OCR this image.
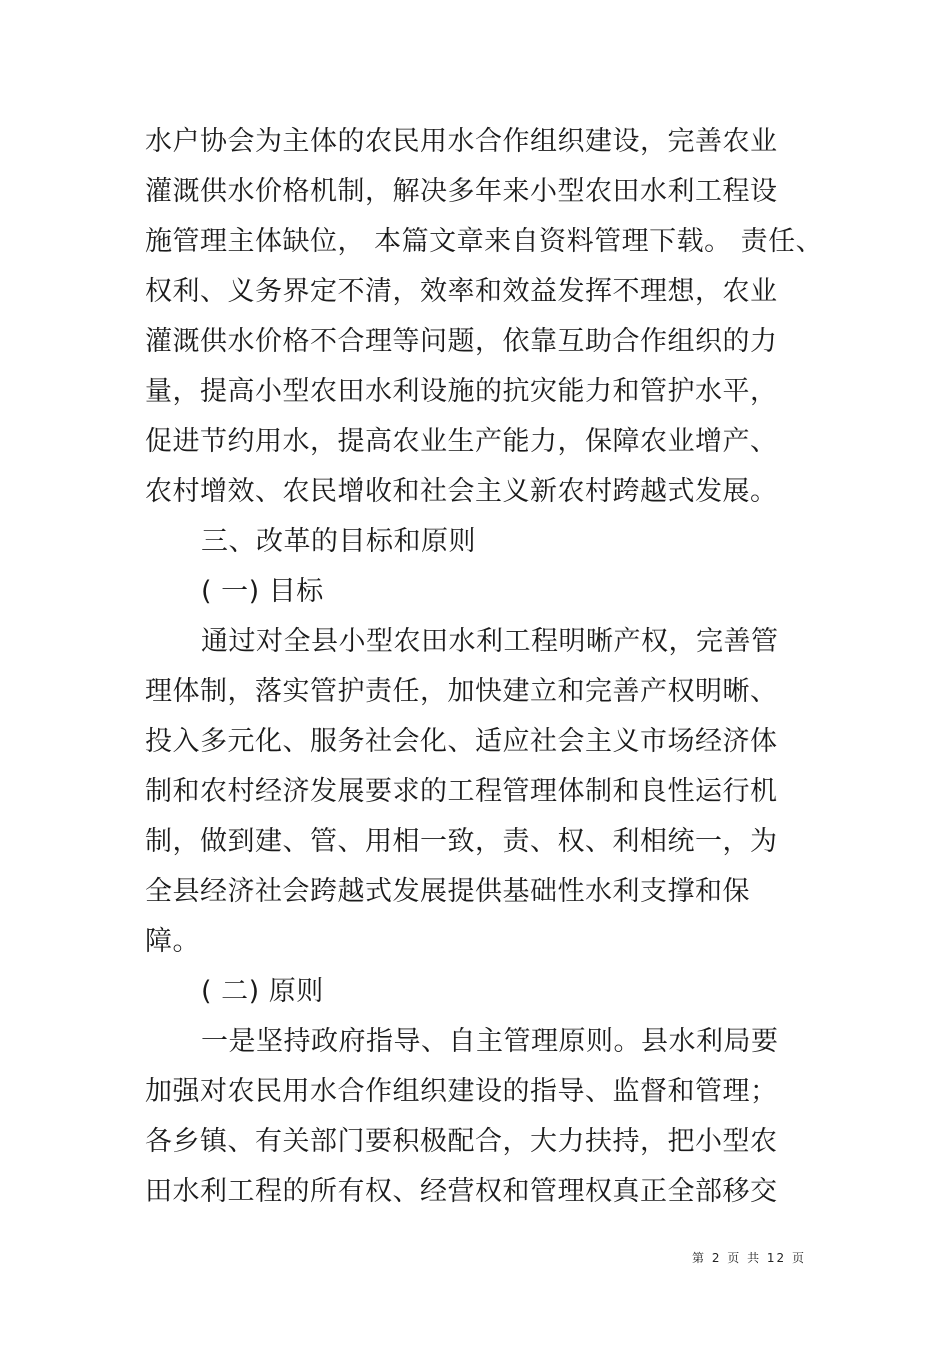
水户协会为主体的农民用水合作组织建设，完善农业
灌溉供水价格机制，解决多年来小型农田水利工程设
施管理主体缺位， 本篇文章来自资料管理下载。 责任、
权利、义务界定不清，效率和效益发挥不理想，农业
灌溉供水价格不合理等问题，依靠互助合作组织的力
量，提高小型农田水利设施的抗灾能力和管护水平，
促进节约用水，提高农业生产能力，保障农业增产、
农村增效、农民增收和社会主义新农村跨越式发展。
三、改革的目标和原则
( 一) 目标
通过对全县小型农田水利工程明晰产权，完善管
理体制，落实管护责任，加快建立和完善产权明晰、
投入多元化、服务社会化、适应社会主义市场经济体
制和农村经济发展要求的工程管理体制和良性运行机
制，做到建、管、用相一致，责、权、利相统一，为
全县经济社会跨越式发展提供基础性水利支撑和保
障。
( 二) 原则
一是坚持政府指导、自主管理原则。县水利局要
加强对农民用水合作组织建设的指导、监督和管理；
各乡镇、有关部门要积极配合，大力扶持，把小型农
田水利工程的所有权、经营权和管理权真正全部移交
第 2 页 共 12 页
